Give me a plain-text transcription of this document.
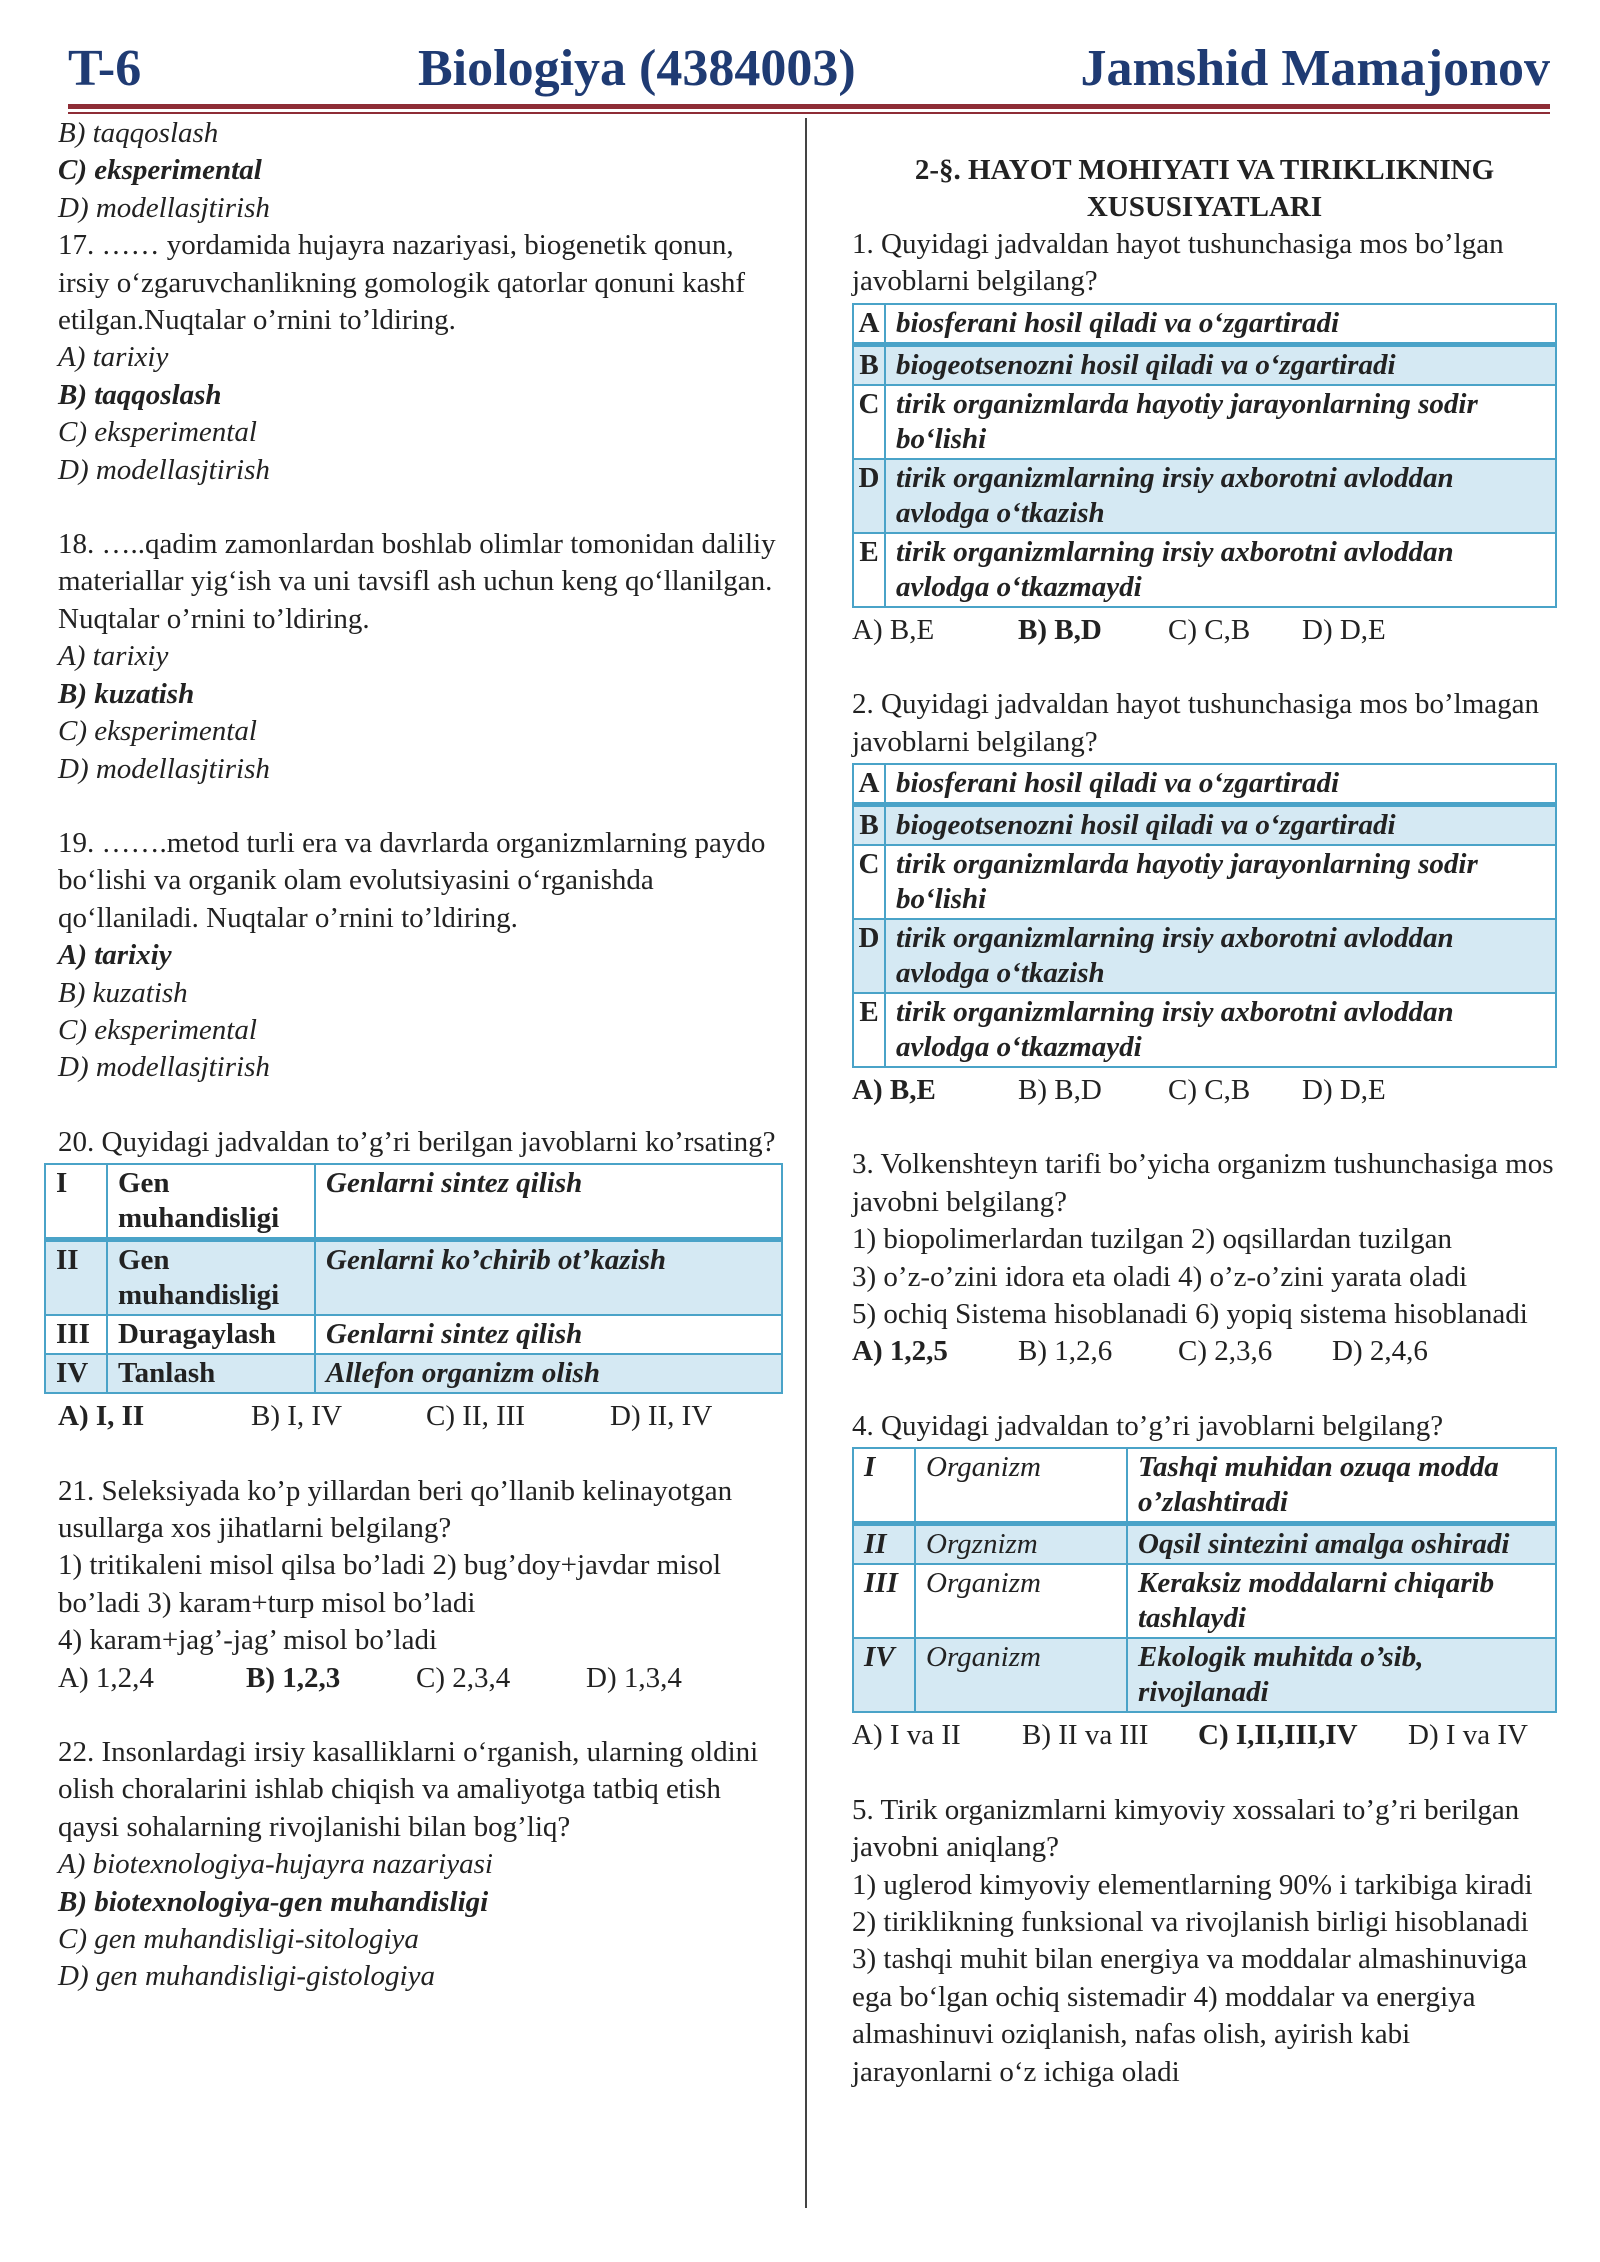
T-6	Biologiya (4384003)	Jamshid Mamajonov

B) taqqoslash

C) eksperimental

D) modellasjtirish

17. …… yordamida hujayra nazariyasi, biogenetik qonun, irsiy o‘zgaruvchanlikning gomologik qatorlar qonuni kashf etilgan.Nuqtalar o’rnini to’ldiring.

A) tarixiy

B) taqqoslash

C) eksperimental

D) modellasjtirish

18. …..qadim zamonlardan boshlab olimlar tomonidan daliliy materiallar yig‘ish va uni tavsifl ash uchun keng qo‘llanilgan. Nuqtalar o’rnini to’ldiring.

A) tarixiy

B) kuzatish

C) eksperimental

D) modellasjtirish

19. …….metod turli era va davrlarda organizmlarning paydo bo‘lishi va organik olam evolutsiyasini o‘rganishda qo‘llaniladi. Nuqtalar o’rnini to’ldiring.

A) tarixiy

B) kuzatish

C) eksperimental

D) modellasjtirish

20. Quyidagi jadvaldan to’g’ri berilgan javoblarni ko’rsating?

I	Gen muhandisligi	Genlarni sintez qilish
II	Gen muhandisligi	Genlarni ko’chirib ot’kazish
III	Duragaylash	Genlarni sintez qilish
IV	Tanlash	Allefon organizm olish
A) I, II	B) I, IV	C) II, III	D) II, IV

21. Seleksiyada ko’p yillardan beri qo’llanib kelinayotgan usullarga xos jihatlarni belgilang?

1) tritikaleni misol qilsa bo’ladi 2) bug’doy+javdar misol bo’ladi 3) karam+turp misol bo’ladi

4) karam+jag’-jag’ misol bo’ladi

A) 1,2,4	B) 1,2,3	C) 2,3,4	D) 1,3,4

22. Insonlardagi irsiy kasalliklarni o‘rganish, ularning oldini olish choralarini ishlab chiqish va amaliyotga tatbiq etish qaysi sohalarning rivojlanishi bilan bog’liq?

A) biotexnologiya-hujayra nazariyasi

B) biotexnologiya-gen muhandisligi

C) gen muhandisligi-sitologiya

D) gen muhandisligi-gistologiya

2-§. HAYOT MOHIYATI VA TIRIKLIKNING XUSUSIYATLARI

1. Quyidagi jadvaldan hayot tushunchasiga mos bo’lgan javoblarni belgilang?

A	biosferani hosil qiladi va o‘zgartiradi
B	biogeotsenozni hosil qiladi va o‘zgartiradi
C	tirik organizmlarda hayotiy jarayonlarning sodir bo‘lishi
D	tirik organizmlarning irsiy axborotni avloddan avlodga o‘tkazish
E	tirik organizmlarning irsiy axborotni avloddan avlodga o‘tkazmaydi
A) B,E	B) B,D	C) C,B	D) D,E

2. Quyidagi jadvaldan hayot tushunchasiga mos bo’lmagan javoblarni belgilang?

A	biosferani hosil qiladi va o‘zgartiradi
B	biogeotsenozni hosil qiladi va o‘zgartiradi
C	tirik organizmlarda hayotiy jarayonlarning sodir bo‘lishi
D	tirik organizmlarning irsiy axborotni avloddan avlodga o‘tkazish
E	tirik organizmlarning irsiy axborotni avloddan avlodga o‘tkazmaydi
A) B,E	B) B,D	C) C,B	D) D,E

3. Volkenshteyn tarifi bo’yicha organizm tushunchasiga mos javobni belgilang?

1) biopolimerlardan tuzilgan 2) oqsillardan tuzilgan

3) o’z-o’zini idora eta oladi 4) o’z-o’zini yarata oladi

5) ochiq Sistema hisoblanadi 6) yopiq sistema hisoblanadi

A) 1,2,5	B) 1,2,6	C) 2,3,6	D) 2,4,6

4. Quyidagi jadvaldan to’g’ri javoblarni belgilang?

I	Organizm	Tashqi muhidan ozuqa modda o’zlashtiradi
II	Orgznizm	Oqsil sintezini amalga oshiradi
III	Organizm	Keraksiz moddalarni chiqarib tashlaydi
IV	Organizm	Ekologik muhitda o’sib, rivojlanadi
A) I va II	B) II va III	C) I,II,III,IV	D) I va IV

5. Tirik organizmlarni kimyoviy xossalari to’g’ri berilgan javobni aniqlang?

1) uglerod kimyoviy elementlarning 90% i tarkibiga kiradi 2) tiriklikning funksional va rivojlanish birligi hisoblanadi 3) tashqi muhit bilan energiya va moddalar almashinuviga ega bo‘lgan ochiq sistemadir 4) moddalar va energiya almashinuvi oziqlanish, nafas olish, ayirish kabi jarayonlarni o‘z ichiga oladi
